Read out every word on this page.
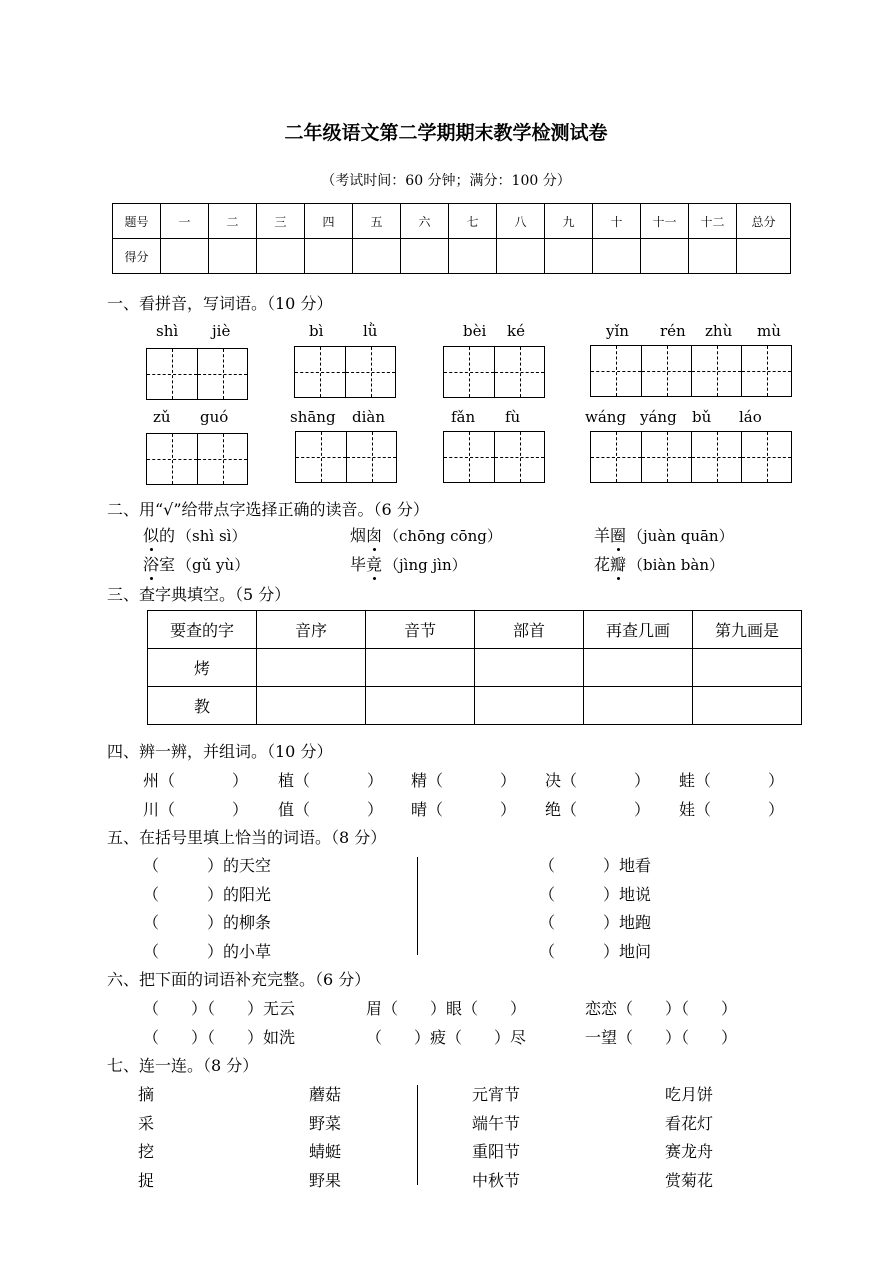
二年级语文第二学期期末教学检测试卷
（考试时间：60 分钟；满分：100 分）
题号	一	二	三	四	五	六	七	八	九	十	十一	十二	总分
得分													
一、看拼音，写词语。（10 分）
shì jiè	bì	lǜ	bèi ké	yǐn rén zhù mù
zǔ guó	shāng diàn	fǎn fù	wáng yáng bǔ láo
二、用“√”给带点字选择正确的读音。（6 分）
似的 （shì sì）	烟囱 （chōng cōng）	羊圈 （juàn quān）
浴室 （gǔ yù）	毕竟 （jìng jìn）	花瓣 （biàn bàn）
三、查字典填空。（5 分）
要查的字	音序	音节	部首	再查几画	第九画是
烤					
教					
四、辨一辨，并组词。（10 分）
州（	） 植（	） 精（	） 决（	） 蛙（	）
川（	） 值（	） 晴（	） 绝（	） 娃（	）
五、在括号里填上恰当的词语。（8 分）
（　　　）的天空
（　　　）的阳光
（　　　）的柳条
（　　　）的小草
（　　　）地看
（　　　）地说
（　　　）地跑
（　　　）地问
六、把下面的词语补充完整。（6 分）
（　　）（　　）无云	眉（　　）眼（　　）	恋恋（　　）（　　）
（　　）（　　）如洗	（　　）疲（　　）尽	一望（　　）（　　）
七、连一连。（8 分）
摘
采
挖
捉
蘑菇
野菜
蜻蜓
野果
元宵节
端午节
重阳节
中秋节
吃月饼
看花灯
赛龙舟
赏菊花
